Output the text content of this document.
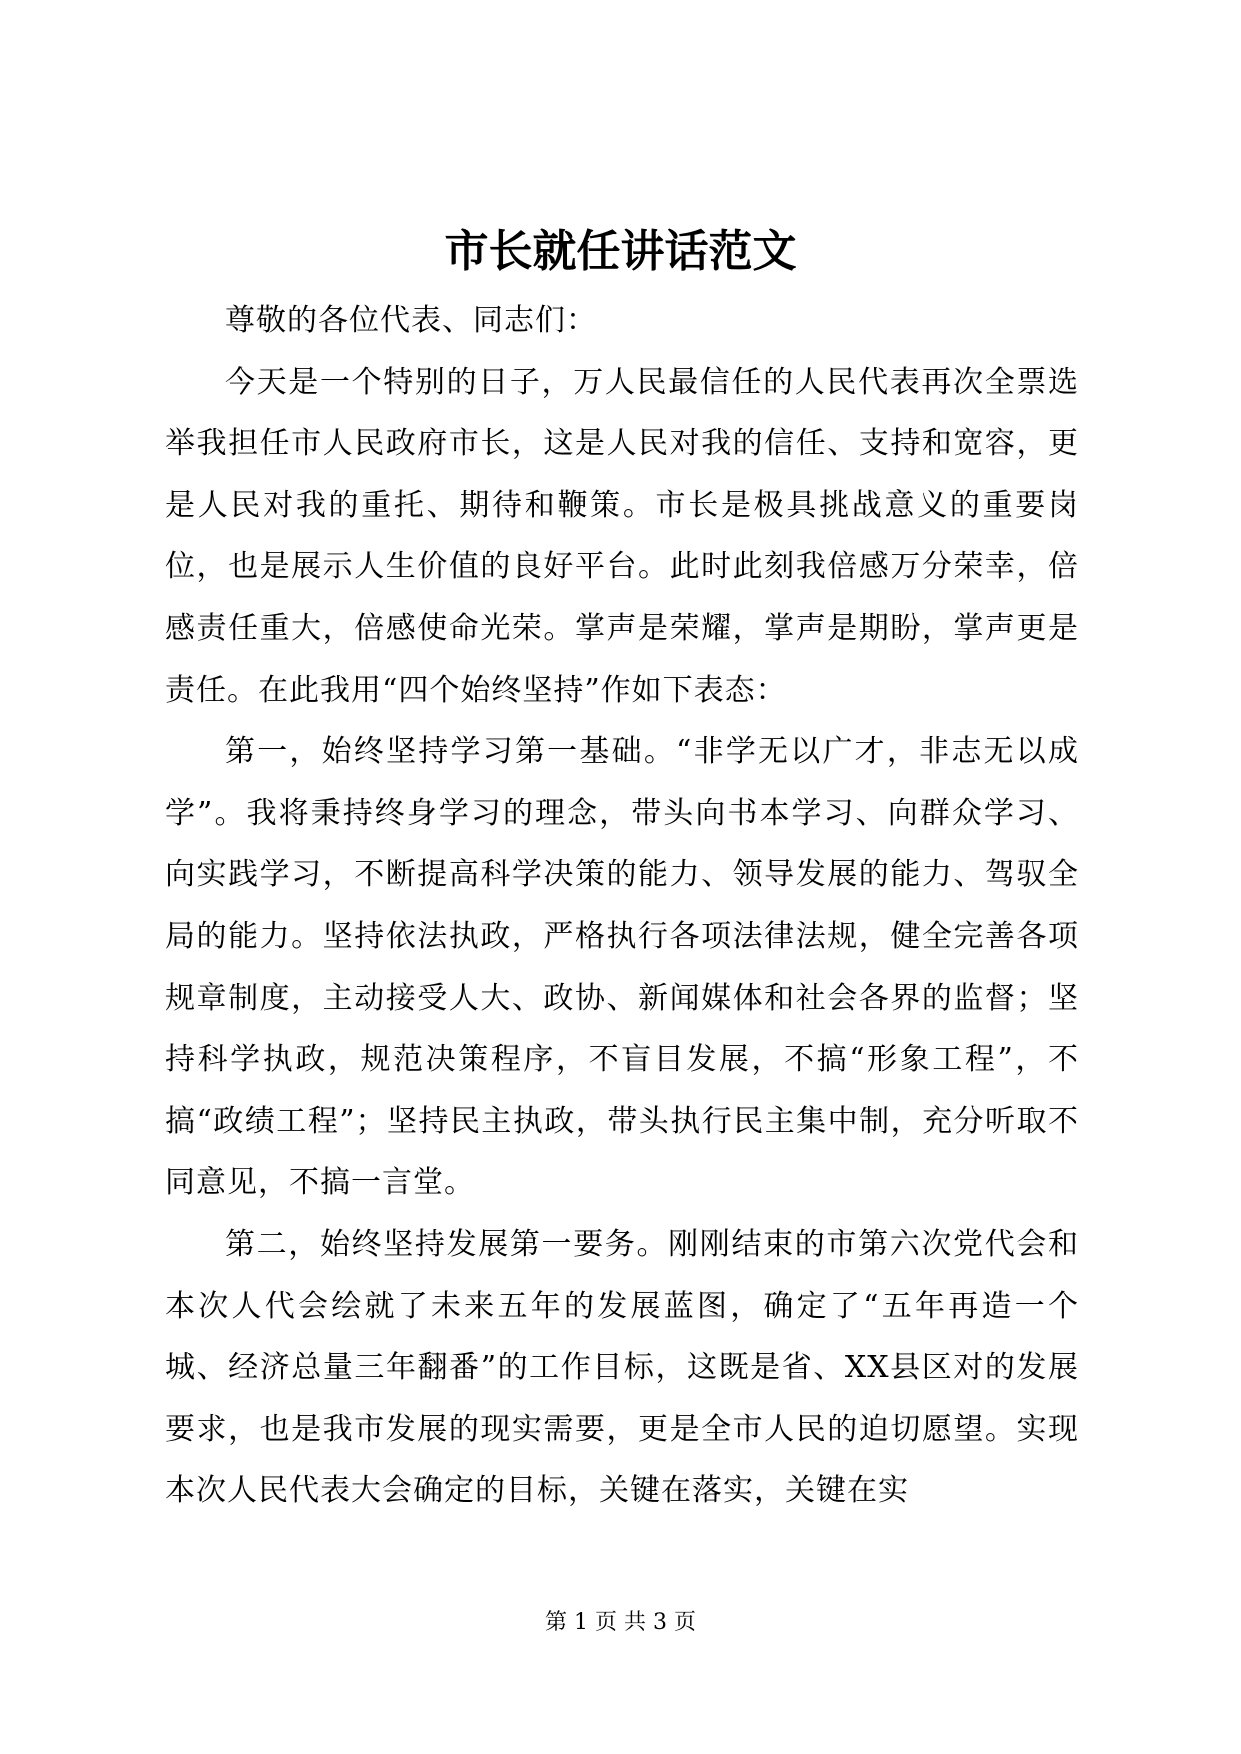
市长就任讲话范文

尊敬的各位代表、同志们：

今天是一个特别的日子，万人民最信任的人民代表再次全票选举我担任市人民政府市长，这是人民对我的信任、支持和宽容，更是人民对我的重托、期待和鞭策。市长是极具挑战意义的重要岗位，也是展示人生价值的良好平台。此时此刻我倍感万分荣幸，倍感责任重大，倍感使命光荣。掌声是荣耀，掌声是期盼，掌声更是责任。在此我用“四个始终坚持”作如下表态：

第一，始终坚持学习第一基础。“非学无以广才，非志无以成学”。我将秉持终身学习的理念，带头向书本学习、向群众学习、向实践学习，不断提高科学决策的能力、领导发展的能力、驾驭全局的能力。坚持依法执政，严格执行各项法律法规，健全完善各项规章制度，主动接受人大、政协、新闻媒体和社会各界的监督；坚持科学执政，规范决策程序，不盲目发展，不搞“形象工程”，不搞“政绩工程”；坚持民主执政，带头执行民主集中制，充分听取不同意见，不搞一言堂。

第二，始终坚持发展第一要务。刚刚结束的市第六次党代会和本次人代会绘就了未来五年的发展蓝图，确定了“五年再造一个城、经济总量三年翻番”的工作目标，这既是省、XX县区对的发展要求，也是我市发展的现实需要，更是全市人民的迫切愿望。实现本次人民代表大会确定的目标，关键在落实，关键在实

第 1 页 共 3 页
